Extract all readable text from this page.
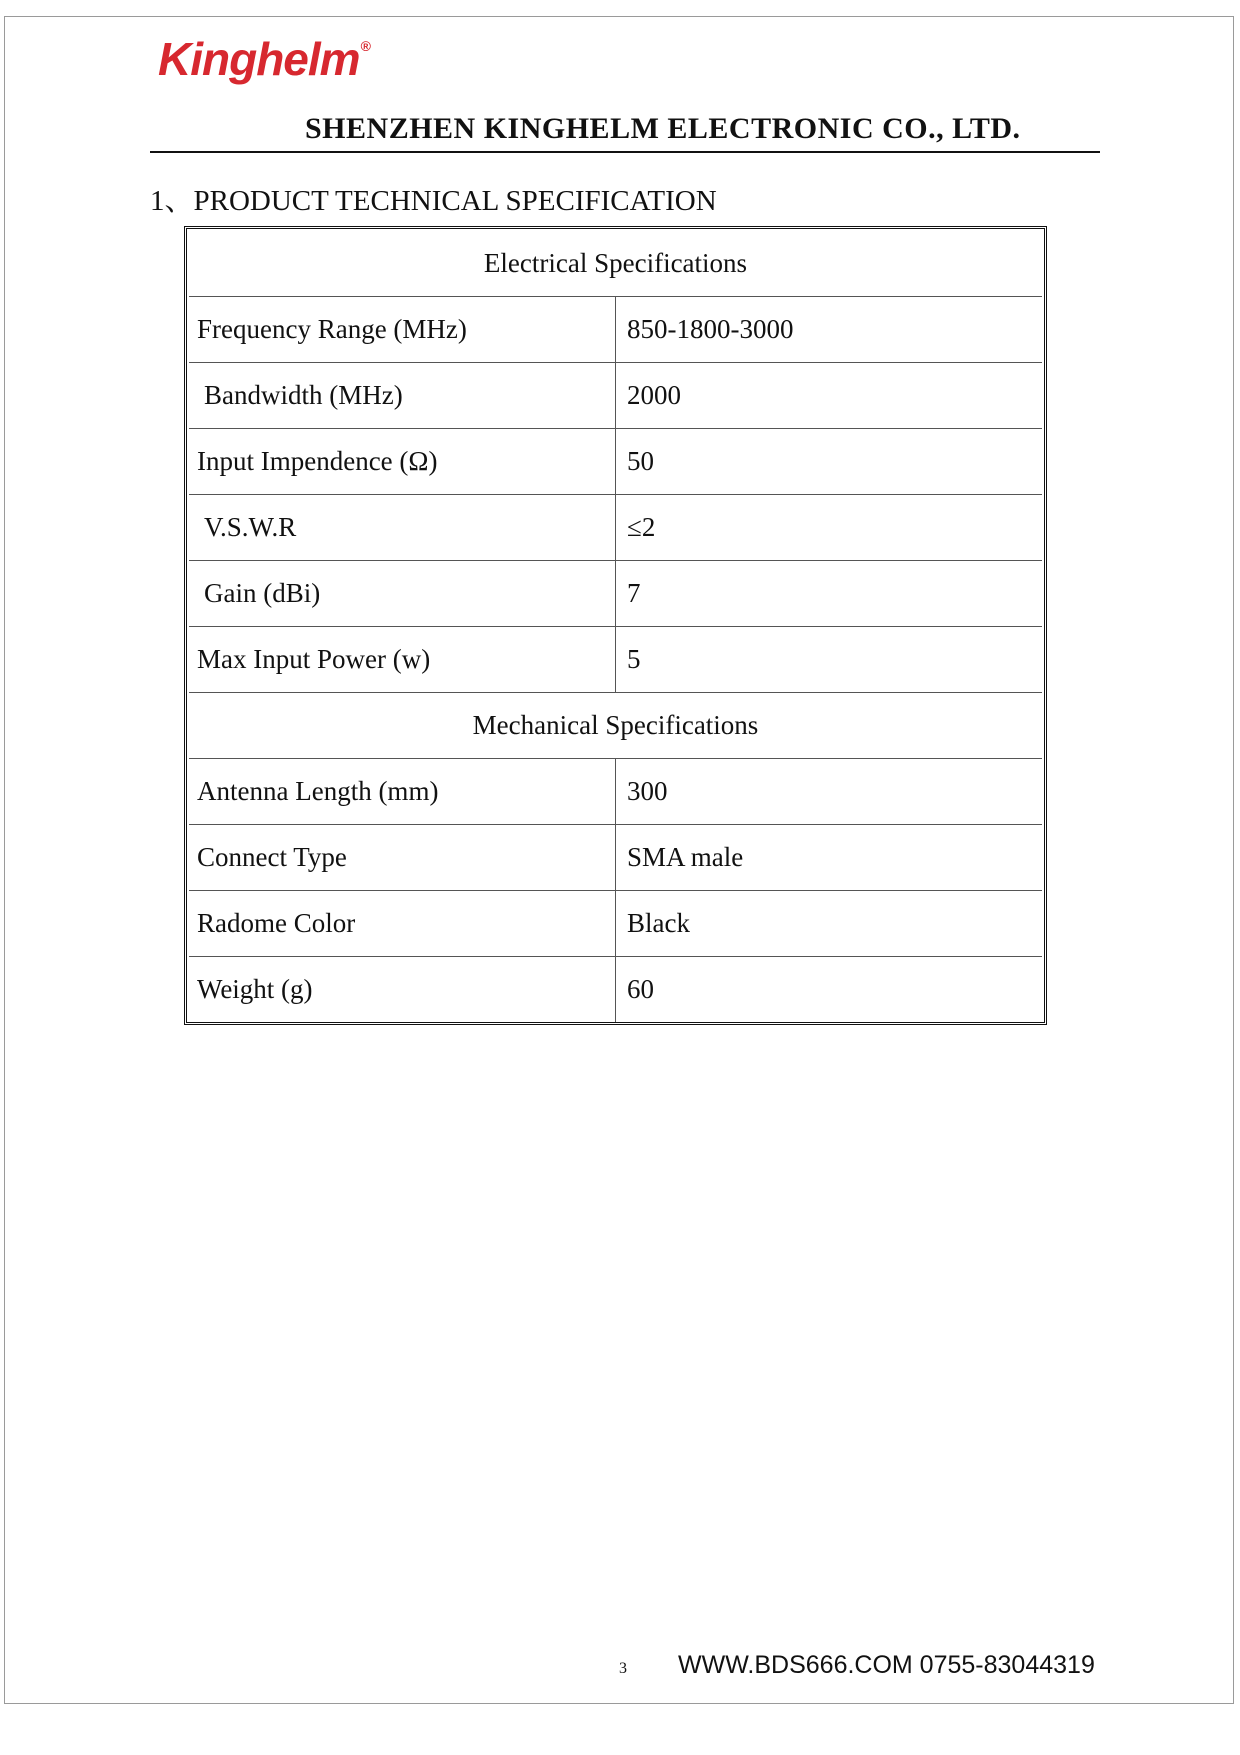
Kinghelm®
SHENZHEN KINGHELM ELECTRONIC CO., LTD.
1、PRODUCT TECHNICAL SPECIFICATION
Electrical Specifications	
Frequency Range (MHz)	850-1800-3000
Bandwidth (MHz)	2000
Input Impendence (Ω)	50
V.S.W.R	≤2
Gain (dBi)	7
Max Input Power (w)	5
Mechanical Specifications	
Antenna Length (mm)	300
Connect Type	SMA male
Radome Color	Black
Weight (g)	60
3 WWW.BDS666.COM 0755-83044319
